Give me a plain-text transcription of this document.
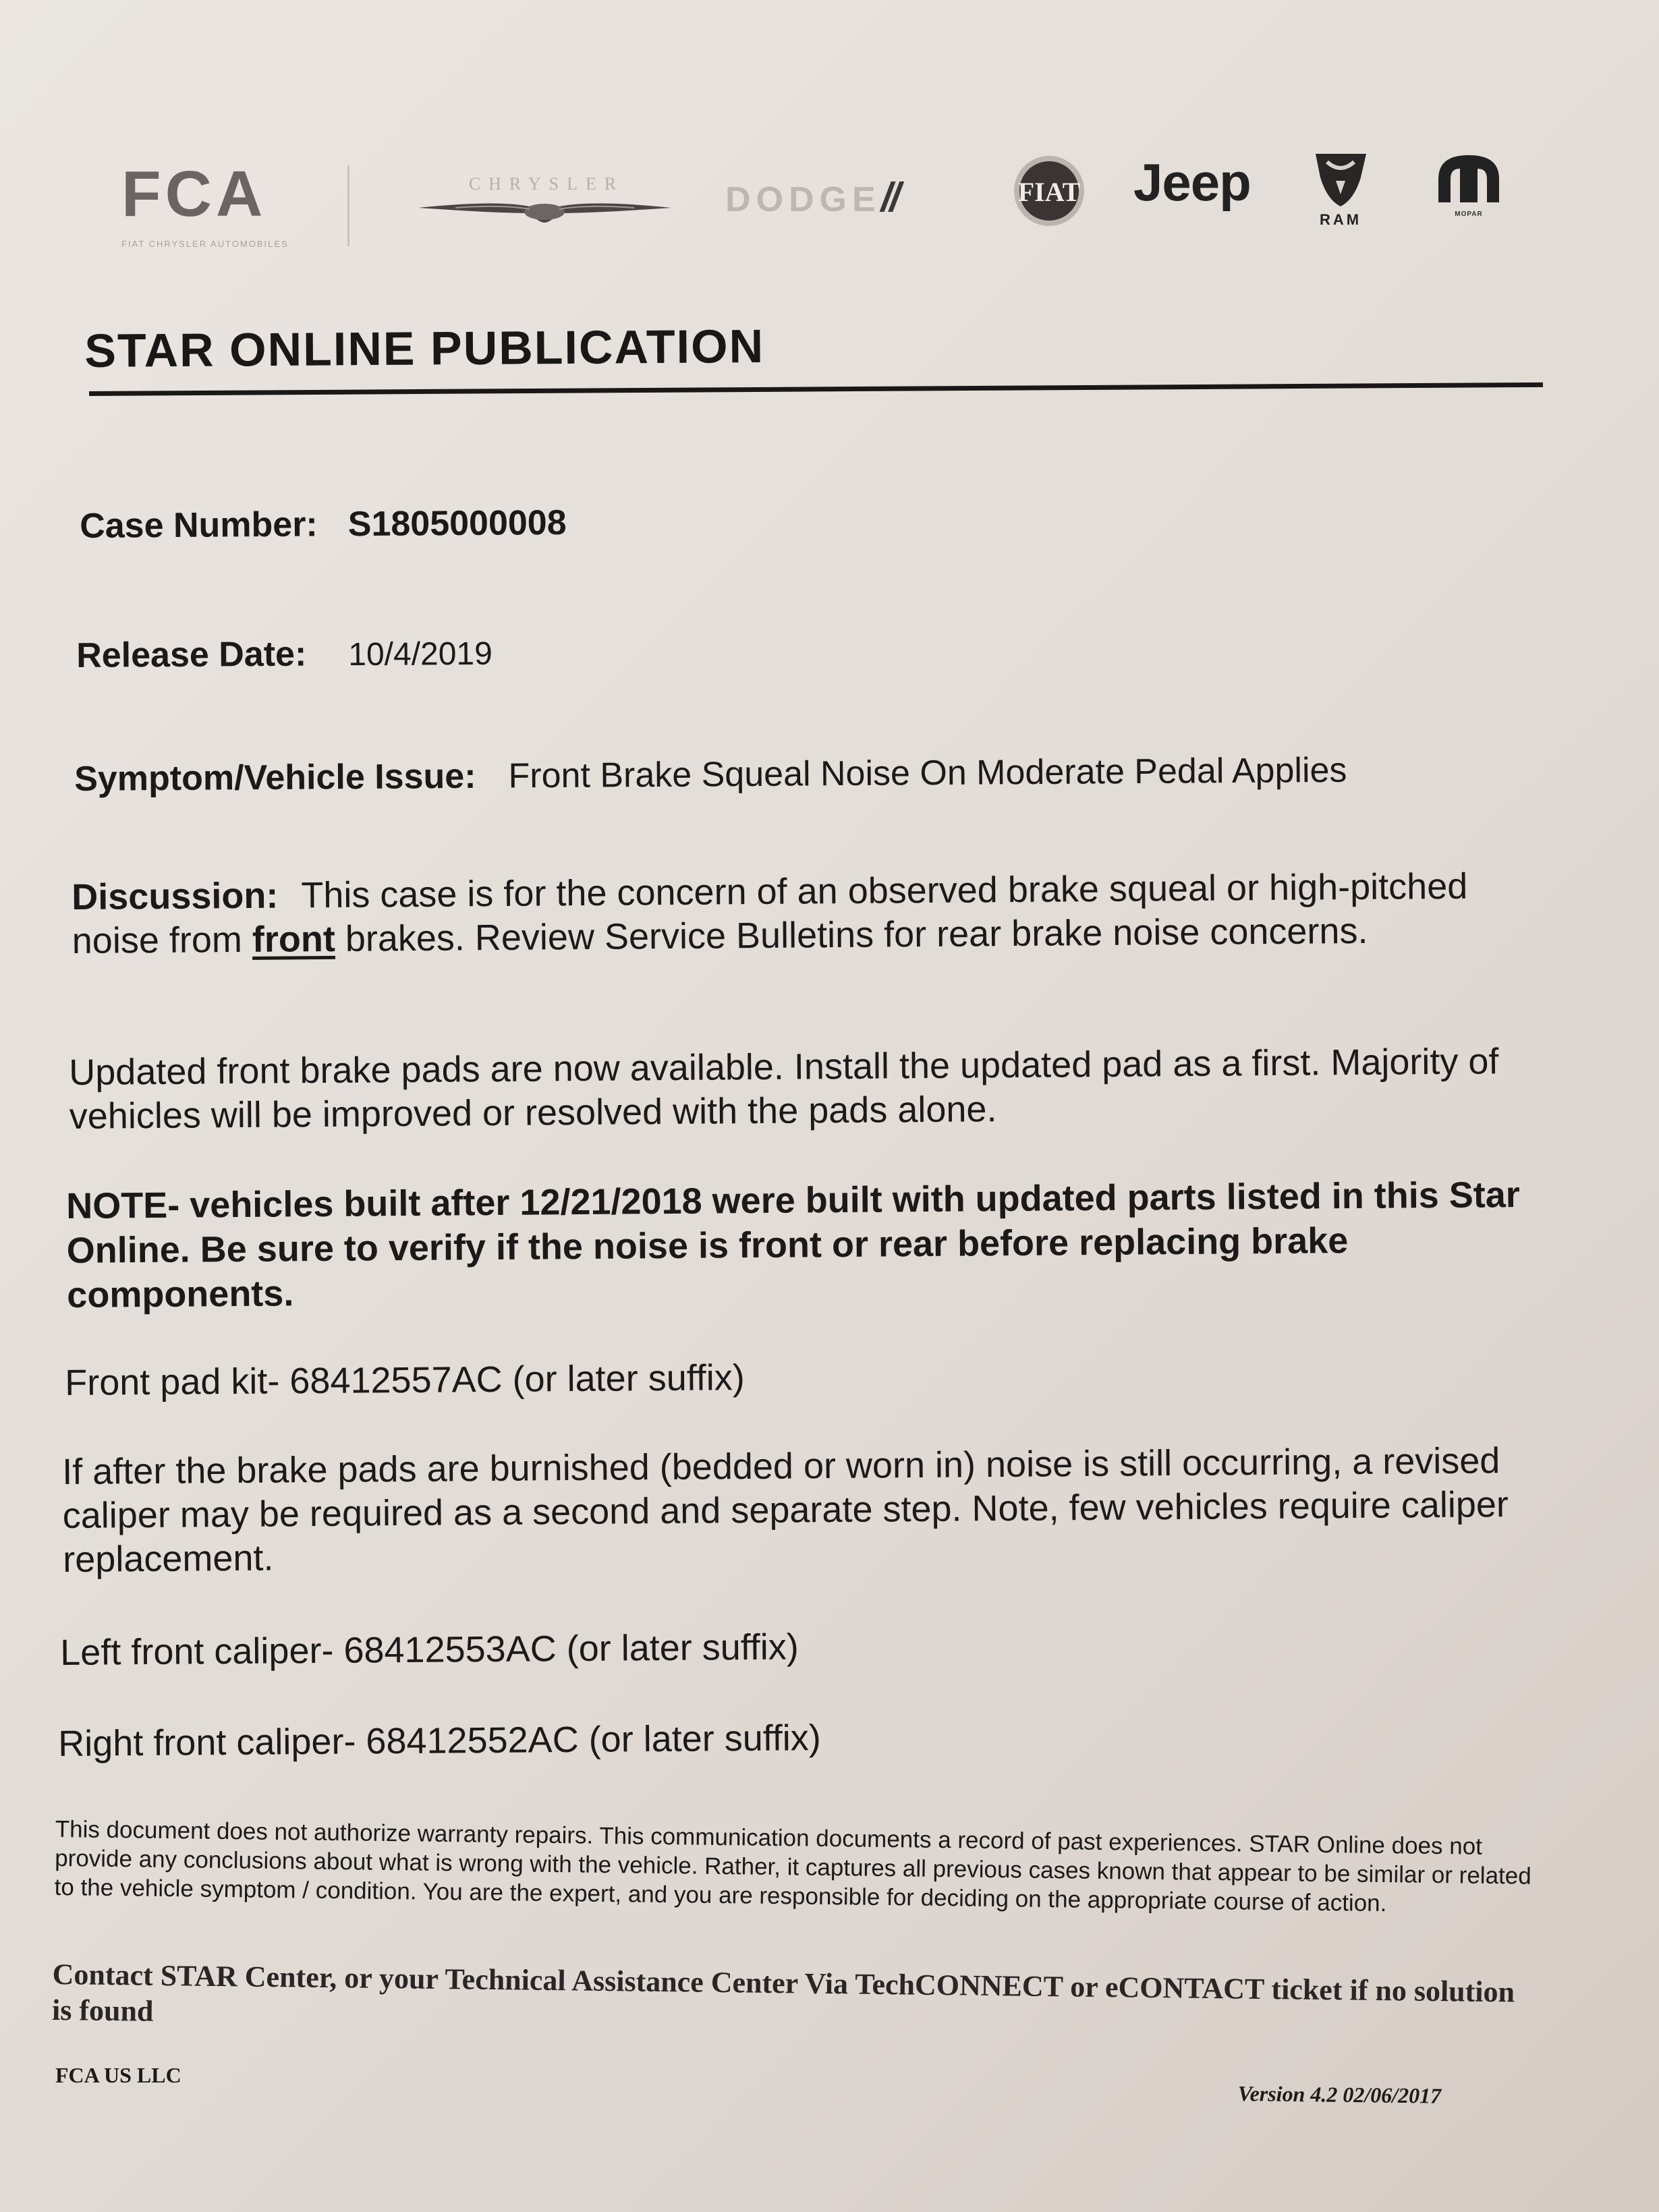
FCA
FIAT CHRYSLER AUTOMOBILES
CHRYSLER	DODGE//	FIAT Jeep
RAM	MOPAR
STAR ONLINE PUBLICATION
Case Number: S1805000008
Release Date: 10/4/2019
Symptom/Vehicle Issue: Front Brake Squeal Noise On Moderate Pedal Applies
Discussion: This case is for the concern of an observed brake squeal or high-pitched noise from front brakes. Review Service Bulletins for rear brake noise concerns.
Updated front brake pads are now available. Install the updated pad as a first. Majority of vehicles will be improved or resolved with the pads alone.
NOTE- vehicles built after 12/21/2018 were built with updated parts listed in this Star Online. Be sure to verify if the noise is front or rear before replacing brake components.
Front pad kit- 68412557AC (or later suffix)
If after the brake pads are burnished (bedded or worn in) noise is still occurring, a revised caliper may be required as a second and separate step. Note, few vehicles require caliper replacement.
Left front caliper- 68412553AC (or later suffix)
Right front caliper- 68412552AC (or later suffix)
This document does not authorize warranty repairs. This communication documents a record of past experiences. STAR Online does not provide any conclusions about what is wrong with the vehicle. Rather, it captures all previous cases known that appear to be similar or related to the vehicle symptom / condition. You are the expert, and you are responsible for deciding on the appropriate course of action.
Contact STAR Center, or your Technical Assistance Center Via TechCONNECT or eCONTACT ticket if no solution is found
FCA US LLC
Version 4.2 02/06/2017
